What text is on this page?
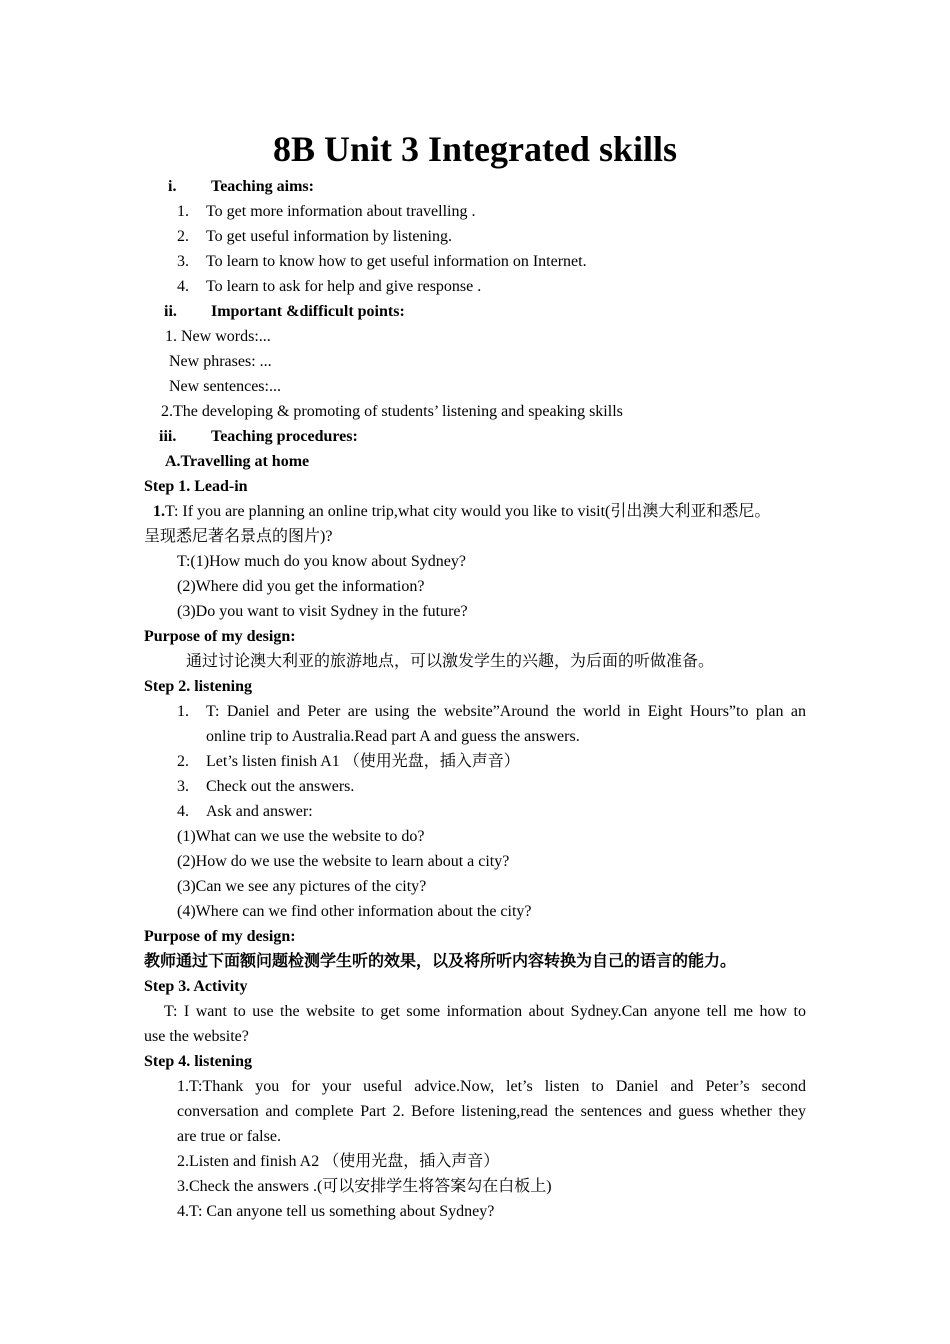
8B Unit 3 Integrated skills
i. Teaching aims:
1. To get more information about travelling .
2. To get useful information by listening.
3. To learn to know how to get useful information on Internet.
4. To learn to ask for help and give response .
ii. Important &difficult points:
1. New words:...
New phrases: ...
New sentences:...
2.The developing & promoting of students’ listening and speaking skills
iii. Teaching procedures:
A.Travelling at home
Step 1. Lead-in
1.T: If you are planning an online trip,what city would you like to visit(引出澳大利亚和悉尼。
呈现悉尼著名景点的图片)?
T:(1)How much do you know about Sydney?
(2)Where did you get the information?
(3)Do you want to visit Sydney in the future?
Purpose of my design:
通过讨论澳大利亚的旅游地点，可以激发学生的兴趣，为后面的听做准备。
Step 2. listening
1. T: Daniel and Peter are using the website”Around the world in Eight Hours”to plan an
online trip to Australia.Read part A and guess the answers.
2. Let’s listen finish A1 （使用光盘，插入声音）
3. Check out the answers.
4. Ask and answer:
(1)What can we use the website to do?
(2)How do we use the website to learn about a city?
(3)Can we see any pictures of the city?
(4)Where can we find other information about the city?
Purpose of my design:
教师通过下面额问题检测学生听的效果，以及将所听内容转换为自己的语言的能力。
Step 3. Activity
T: I want to use the website to get some information about Sydney.Can anyone tell me how to
use the website?
Step 4. listening
1.T:Thank you for your useful advice.Now, let’s listen to Daniel and Peter’s second
conversation and complete Part 2. Before listening,read the sentences and guess whether they
are true or false.
2.Listen and finish A2 （使用光盘，插入声音）
3.Check the answers .(可以安排学生将答案勾在白板上)
4.T: Can anyone tell us something about Sydney?
